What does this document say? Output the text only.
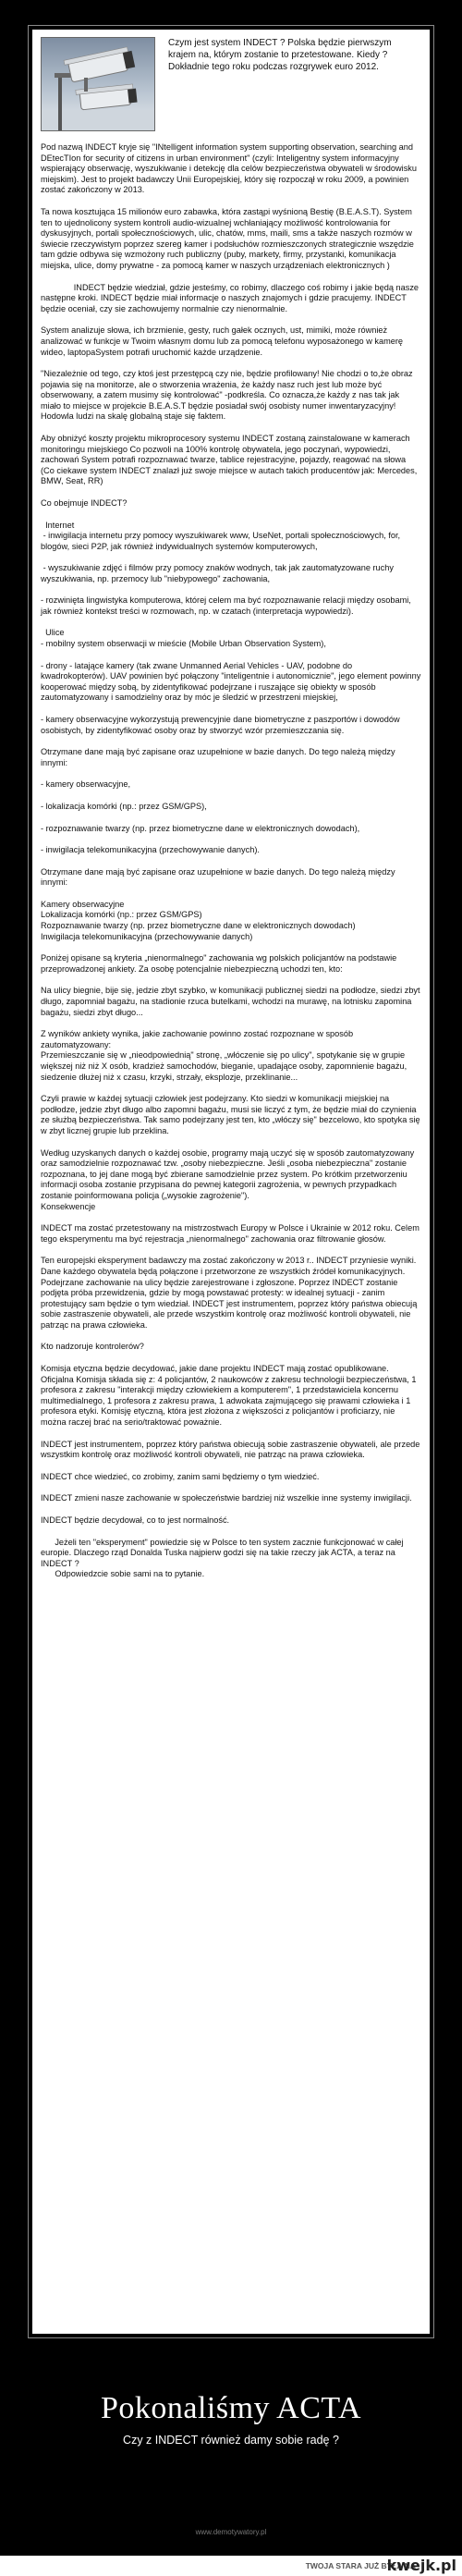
Czym jest system INDECT ? Polska będzie pierwszym krajem na, którym zostanie to przetestowane. Kiedy ? Dokładnie tego roku podczas rozgrywek euro 2012.
Pod nazwą INDECT kryje się "INtelligent information system supporting observation, searching and DEtecTIon for security of citizens in urban environment" (czyli: Inteligentny system informacyjny wspierający obserwację, wyszukiwanie i detekcję dla celów bezpieczeństwa obywateli w środowisku miejskim). Jest to projekt badawczy Unii Europejskiej, który się rozpoczął w roku 2009, a powinien zostać zakończony w 2013.
Ta nowa kosztująca 15 milionów euro zabawka, która zastąpi wyśnioną Bestię (B.E.A.S.T). System ten to ujednolicony system kontroli audio-wizualnej wchłaniający możliwość kontrolowania for dyskusyjnych, portali społecznościowych, ulic, chatów, mms, maili, sms a także naszych rozmów w świecie rzeczywistym poprzez szereg kamer i podsłuchów rozmieszczonych strategicznie wszędzie tam gdzie odbywa się wzmożony ruch publiczny (puby, markety, firmy, przystanki, komunikacja miejska, ulice, domy prywatne - za pomocą kamer w naszych urządzeniach elektronicznych )
INDECT będzie wiedział, gdzie jesteśmy, co robimy, dlaczego coś robimy i jakie będą nasze następne kroki. INDECT będzie miał informacje o naszych znajomych i gdzie pracujemy. INDECT będzie oceniał, czy sie zachowujemy normalnie czy nienormalnie.
System analizuje słowa, ich brzmienie, gesty, ruch gałek ocznych, ust, mimiki, może również analizować w funkcje w Twoim własnym domu lub za pomocą telefonu wyposażonego w kamerę wideo, laptopaSystem potrafi uruchomić każde urządzenie.
"Niezależnie od tego, czy ktoś jest przestępcą czy nie, będzie profilowany! Nie chodzi o to,że obraz pojawia się na monitorze, ale o stworzenia wrażenia, że każdy nasz ruch jest lub może być obserwowany, a zatem musimy się kontrolować" -podkreśla. Co oznacza,że każdy z nas tak jak miało to miejsce w projekcie B.E.A.S.T będzie posiadał swój osobisty numer inwentaryzacyjny! Hodowla ludzi na skalę globalną staje się faktem.
Aby obniżyć koszty projektu mikroprocesory systemu INDECT zostaną zainstalowane w kamerach monitoringu miejskiego Co pozwoli na 100% kontrolę obywatela, jego poczynań, wypowiedzi, zachowań System potrafi rozpoznawać twarze, tablice rejestracyjne, pojazdy, reagować na słowa (Co ciekawe system INDECT znalazł już swoje miejsce w autach takich producentów jak: Mercedes, BMW, Seat, RR)
Co obejmuje INDECT?
Internet
- inwigilacja internetu przy pomocy wyszukiwarek www, UseNet, portali społecznościowych, for, blogów, sieci P2P, jak również indywidualnych systemów komputerowych,

- wyszukiwanie zdjęć i filmów przy pomocy znaków wodnych, tak jak zautomatyzowane ruchy wyszukiwania, np. przemocy lub "niebypowego" zachowania,
- rozwinięta lingwistyka komputerowa, której celem ma być rozpoznawanie relacji między osobami, jak również kontekst treści w rozmowach, np. w czatach (interpretacja wypowiedzi).
Ulice
- mobilny system obserwacji w mieście (Mobile Urban Observation System),
- drony - latające kamery (tak zwane Unmanned Aerial Vehicles - UAV, podobne do kwadrokopterów). UAV powinien być połączony "inteligentnie i autonomicznie", jego element powinny kooperować między sobą, by zidentyfikować podejrzane i ruszające się obiekty w sposób zautomatyzowany i samodzielny oraz by móc je śledzić w przestrzeni miejskiej,
- kamery obserwacyjne wykorzystują prewencyjnie dane biometryczne z paszportów i dowodów osobistych, by zidentyfikować osoby oraz by stworzyć wzór przemieszczania się.
Otrzymane dane mają być zapisane oraz uzupełnione w bazie danych. Do tego należą między innymi:
- kamery obserwacyjne,
- lokalizacja komórki (np.: przez GSM/GPS),
- rozpoznawanie twarzy (np. przez biometryczne dane w elektronicznych dowodach),
- inwigilacja telekomunikacyjna (przechowywanie danych).
Otrzymane dane mają być zapisane oraz uzupełnione w bazie danych. Do tego należą między innymi:
Kamery obserwacyjne
Lokalizacja komórki (np.: przez GSM/GPS)
Rozpoznawanie twarzy (np. przez biometryczne dane w elektronicznych dowodach)
Inwigilacja telekomunikacyjna (przechowywanie danych)
Poniżej opisane są kryteria „nienormalnego" zachowania wg polskich policjantów na podstawie przeprowadzonej ankiety. Za osobę potencjalnie niebezpieczną uchodzi ten, kto:
Na ulicy biegnie, bije się, jedzie zbyt szybko, w komunikacji publicznej siedzi na podłodze, siedzi zbyt długo, zapomniał bagażu, na stadionie rzuca butelkami, wchodzi na murawę, na lotnisku zapomina bagażu, siedzi zbyt długo...
Z wyników ankiety wynika, jakie zachowanie powinno zostać rozpoznane w sposób zautomatyzowany:
Przemieszczanie się w „nieodpowiednią" stronę, „włóczenie się po ulicy", spotykanie się w grupie większej niż niż X osób, kradzież samochodów, bieganie, upadające osoby, zapomnienie bagażu, siedzenie dłużej niż x czasu, krzyki, strzały, eksplozje, przeklinanie...
Czyli prawie w każdej sytuacji człowiek jest podejrzany. Kto siedzi w komunikacji miejskiej na podłodze, jedzie zbyt długo albo zapomni bagażu, musi sie liczyć z tym, że będzie miał do czynienia ze służbą bezpieczeństwa. Tak samo podejrzany jest ten, kto „włóczy się" bezcelowo, kto spotyka się w zbyt licznej grupie lub przeklina.
Według uzyskanych danych o każdej osobie, programy mają uczyć się w sposób zautomatyzowany oraz samodzielnie rozpoznawać tzw. „osoby niebezpieczne. Jeśli „osoba niebezpieczna" zostanie rozpoznana, to jej dane mogą być zbierane samodzielnie przez system. Po krótkim przetworzeniu informacji osoba zostanie przypisana do pewnej kategorii zagrożenia, w pewnych przypadkach zostanie poinformowana policja („wysokie zagrożenie").
Konsekwencje
INDECT ma zostać przetestowany na mistrzostwach Europy w Polsce i Ukrainie w 2012 roku. Celem tego eksperymentu ma być rejestracja „nienormalnego" zachowania oraz filtrowanie głosów.
Ten europejski eksperyment badawczy ma zostać zakończony w 2013 r.. INDECT przyniesie wyniki. Dane każdego obywatela będą połączone i przetworzone ze wszystkich źródeł komunikacyjnych. Podejrzane zachowanie na ulicy będzie zarejestrowane i zgłoszone. Poprzez INDECT zostanie podjęta próba przewidzenia, gdzie by mogą powstawać protesty: w idealnej sytuacji - zanim protestujący sam będzie o tym wiedział. INDECT jest instrumentem, poprzez który państwa obiecują sobie zastraszenie obywateli, ale przede wszystkim kontrolę oraz możliwość kontroli obywateli, nie patrząc na prawa człowieka.
Kto nadzoruje kontrolerów?
Komisja etyczna będzie decydować, jakie dane projektu INDECT mają zostać opublikowane. Oficjalna Komisja składa się z: 4 policjantów, 2 naukowców z zakresu technologii bezpieczeństwa, 1 profesora z zakresu "interakcji między człowiekiem a komputerem", 1 przedstawiciela koncernu multimedialnego, 1 profesora z zakresu prawa, 1 adwokata zajmującego się prawami człowieka i 1 profesora etyki. Komisję etyczną, która jest złożona z większości z policjantów i proficiarzy, nie można raczej brać na serio/traktować poważnie.
INDECT jest instrumentem, poprzez który państwa obiecują sobie zastraszenie obywateli, ale przede wszystkim kontrolę oraz możliwość kontroli obywateli, nie patrząc na prawa człowieka.
INDECT chce wiedzieć, co zrobimy, zanim sami będziemy o tym wiedzieć.
INDECT zmieni nasze zachowanie w społeczeństwie bardziej niż wszelkie inne systemy inwigilacji.
INDECT będzie decydował, co to jest normalność.
Jeżeli ten "eksperyment" powiedzie się w Polsce to ten system zacznie funkcjonować w całej europie. Dlaczego rząd Donalda Tuska najpierw godzi się na takie rzeczy jak ACTA, a teraz na INDECT ?
Odpowiedzcie sobie sami na to pytanie.
Pokonaliśmy ACTA
Czy z INDECT również damy sobie radę ?
www.demotywatory.pl
TWOJA STARA JUŻ BYŁA NA
kwejk.pl
